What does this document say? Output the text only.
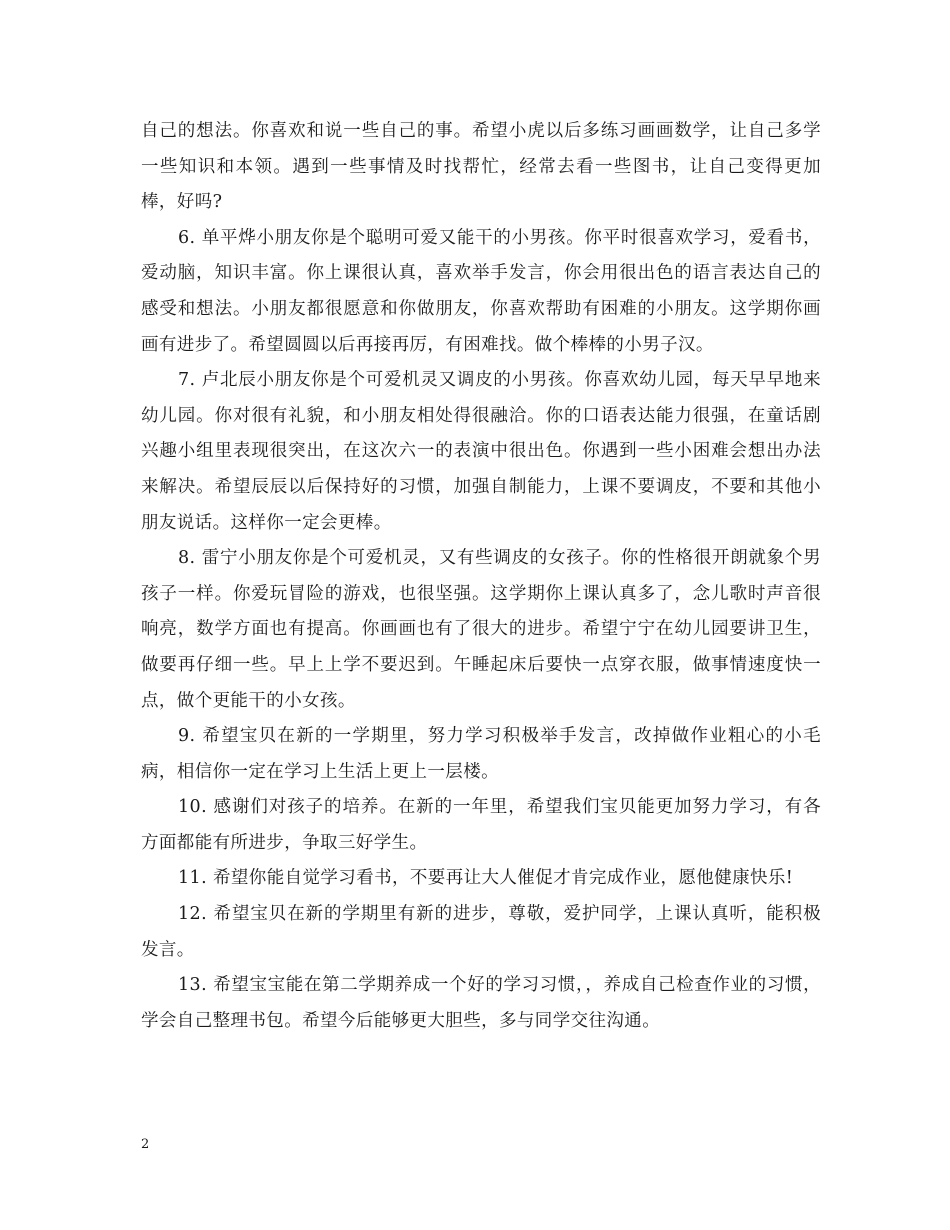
自己的想法。你喜欢和说一些自己的事。希望小虎以后多练习画画数学，让自己多学一些知识和本领。遇到一些事情及时找帮忙，经常去看一些图书，让自己变得更加棒，好吗?

6. 单平烨小朋友你是个聪明可爱又能干的小男孩。你平时很喜欢学习，爱看书，爱动脑，知识丰富。你上课很认真，喜欢举手发言，你会用很出色的语言表达自己的感受和想法。小朋友都很愿意和你做朋友，你喜欢帮助有困难的小朋友。这学期你画画有进步了。希望圆圆以后再接再厉，有困难找。做个棒棒的小男子汉。

7. 卢北辰小朋友你是个可爱机灵又调皮的小男孩。你喜欢幼儿园，每天早早地来幼儿园。你对很有礼貌，和小朋友相处得很融洽。你的口语表达能力很强，在童话剧兴趣小组里表现很突出，在这次六一的表演中很出色。你遇到一些小困难会想出办法来解决。希望辰辰以后保持好的习惯，加强自制能力，上课不要调皮，不要和其他小朋友说话。这样你一定会更棒。

8. 雷宁小朋友你是个可爱机灵，又有些调皮的女孩子。你的性格很开朗就象个男孩子一样。你爱玩冒险的游戏，也很坚强。这学期你上课认真多了，念儿歌时声音很响亮，数学方面也有提高。你画画也有了很大的进步。希望宁宁在幼儿园要讲卫生，做要再仔细一些。早上上学不要迟到。午睡起床后要快一点穿衣服，做事情速度快一点，做个更能干的小女孩。

9. 希望宝贝在新的一学期里，努力学习积极举手发言，改掉做作业粗心的小毛病，相信你一定在学习上生活上更上一层楼。

10. 感谢们对孩子的培养。在新的一年里，希望我们宝贝能更加努力学习，有各方面都能有所进步，争取三好学生。

11. 希望你能自觉学习看书，不要再让大人催促才肯完成作业，愿他健康快乐!

12. 希望宝贝在新的学期里有新的进步，尊敬，爱护同学，上课认真听，能积极发言。

13. 希望宝宝能在第二学期养成一个好的学习习惯，，养成自己检查作业的习惯，学会自己整理书包。希望今后能够更大胆些，多与同学交往沟通。

2
